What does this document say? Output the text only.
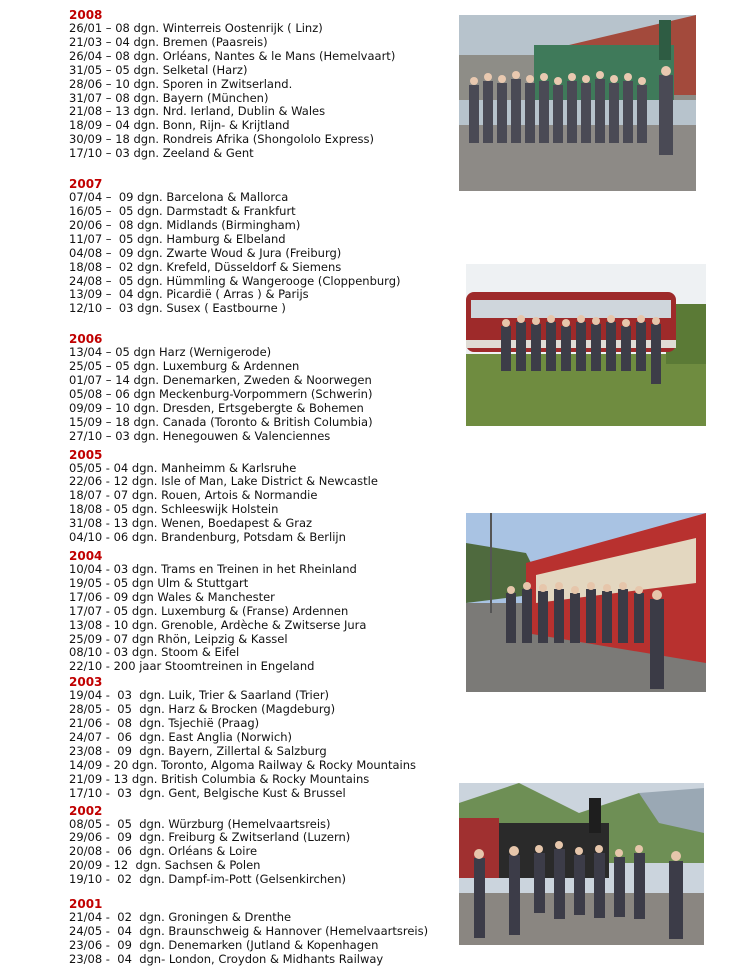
2008
26/01 – 08 dgn. Winterreis Oostenrijk ( Linz)
21/03 – 04 dgn. Bremen (Paasreis)
26/04 – 08 dgn. Orléans, Nantes & le Mans (Hemelvaart)
31/05 – 05 dgn. Selketal (Harz)
28/06 – 10 dgn. Sporen in Zwitserland.
31/07 – 08 dgn. Bayern (München)
21/08 – 13 dgn. Nrd. Ierland, Dublin & Wales
18/09 – 04 dgn. Bonn, Rijn- & Krijtland
30/09 – 18 dgn. Rondreis Afrika (Shongololo Express)
17/10 – 03 dgn. Zeeland & Gent
2007
07/04 –  09 dgn. Barcelona & Mallorca
16/05 –  05 dgn. Darmstadt & Frankfurt
20/06 –  08 dgn. Midlands (Birmingham)
11/07 –  05 dgn. Hamburg & Elbeland
04/08 –  09 dgn. Zwarte Woud & Jura (Freiburg)
18/08 –  02 dgn. Krefeld, Düsseldorf & Siemens
24/08 –  05 dgn. Hümmling & Wangerooge (Cloppenburg)
13/09 –  04 dgn. Picardië ( Arras ) & Parijs
12/10 –  03 dgn. Susex ( Eastbourne )
2006
13/04 – 05 dgn Harz (Wernigerode)
25/05 – 05 dgn. Luxemburg & Ardennen
01/07 – 14 dgn. Denemarken, Zweden & Noorwegen
05/08 – 06 dgn Meckenburg-Vorpommern (Schwerin)
09/09 – 10 dgn. Dresden, Ertsgebergte & Bohemen
15/09 – 18 dgn. Canada (Toronto & British Columbia)
27/10 – 03 dgn. Henegouwen & Valenciennes
2005
05/05 - 04 dgn. Manheimm & Karlsruhe
22/06 - 12 dgn. Isle of Man, Lake District & Newcastle
18/07 - 07 dgn. Rouen, Artois & Normandie
18/08 - 05 dgn. Schleeswijk Holstein
31/08 - 13 dgn. Wenen, Boedapest & Graz
04/10 - 06 dgn. Brandenburg, Potsdam & Berlijn
2004
10/04 - 03 dgn. Trams en Treinen in het Rheinland
19/05 - 05 dgn Ulm & Stuttgart
17/06 - 09 dgn Wales & Manchester
17/07 - 05 dgn. Luxemburg & (Franse) Ardennen
13/08 - 10 dgn. Grenoble, Ardèche & Zwitserse Jura
25/09 - 07 dgn Rhön, Leipzig & Kassel
08/10 - 03 dgn. Stoom & Eifel
22/10 - 200 jaar Stoomtreinen in Engeland
2003
19/04 -  03  dgn. Luik, Trier & Saarland (Trier)
28/05 -  05  dgn. Harz & Brocken (Magdeburg)
21/06 -  08  dgn. Tsjechië (Praag)
24/07 -  06  dgn. East Anglia (Norwich)
23/08 -  09  dgn. Bayern, Zillertal & Salzburg
14/09 - 20 dgn. Toronto, Algoma Railway & Rocky Mountains
21/09 - 13 dgn. British Columbia & Rocky Mountains
17/10 -  03  dgn. Gent, Belgische Kust & Brussel
2002
08/05 -  05  dgn. Würzburg (Hemelvaartsreis)
29/06 -  09  dgn. Freiburg & Zwitserland (Luzern)
20/08 -  06  dgn. Orléans & Loire
20/09 - 12  dgn. Sachsen & Polen
19/10 -  02  dgn. Dampf-im-Pott (Gelsenkirchen)
2001
21/04 -  02  dgn. Groningen & Drenthe
24/05 -  04  dgn. Braunschweig & Hannover (Hemelvaartsreis)
23/06 -  09  dgn. Denemarken (Jutland & Kopenhagen
23/08 -  04  dgn- London, Croydon & Midhants Railway
